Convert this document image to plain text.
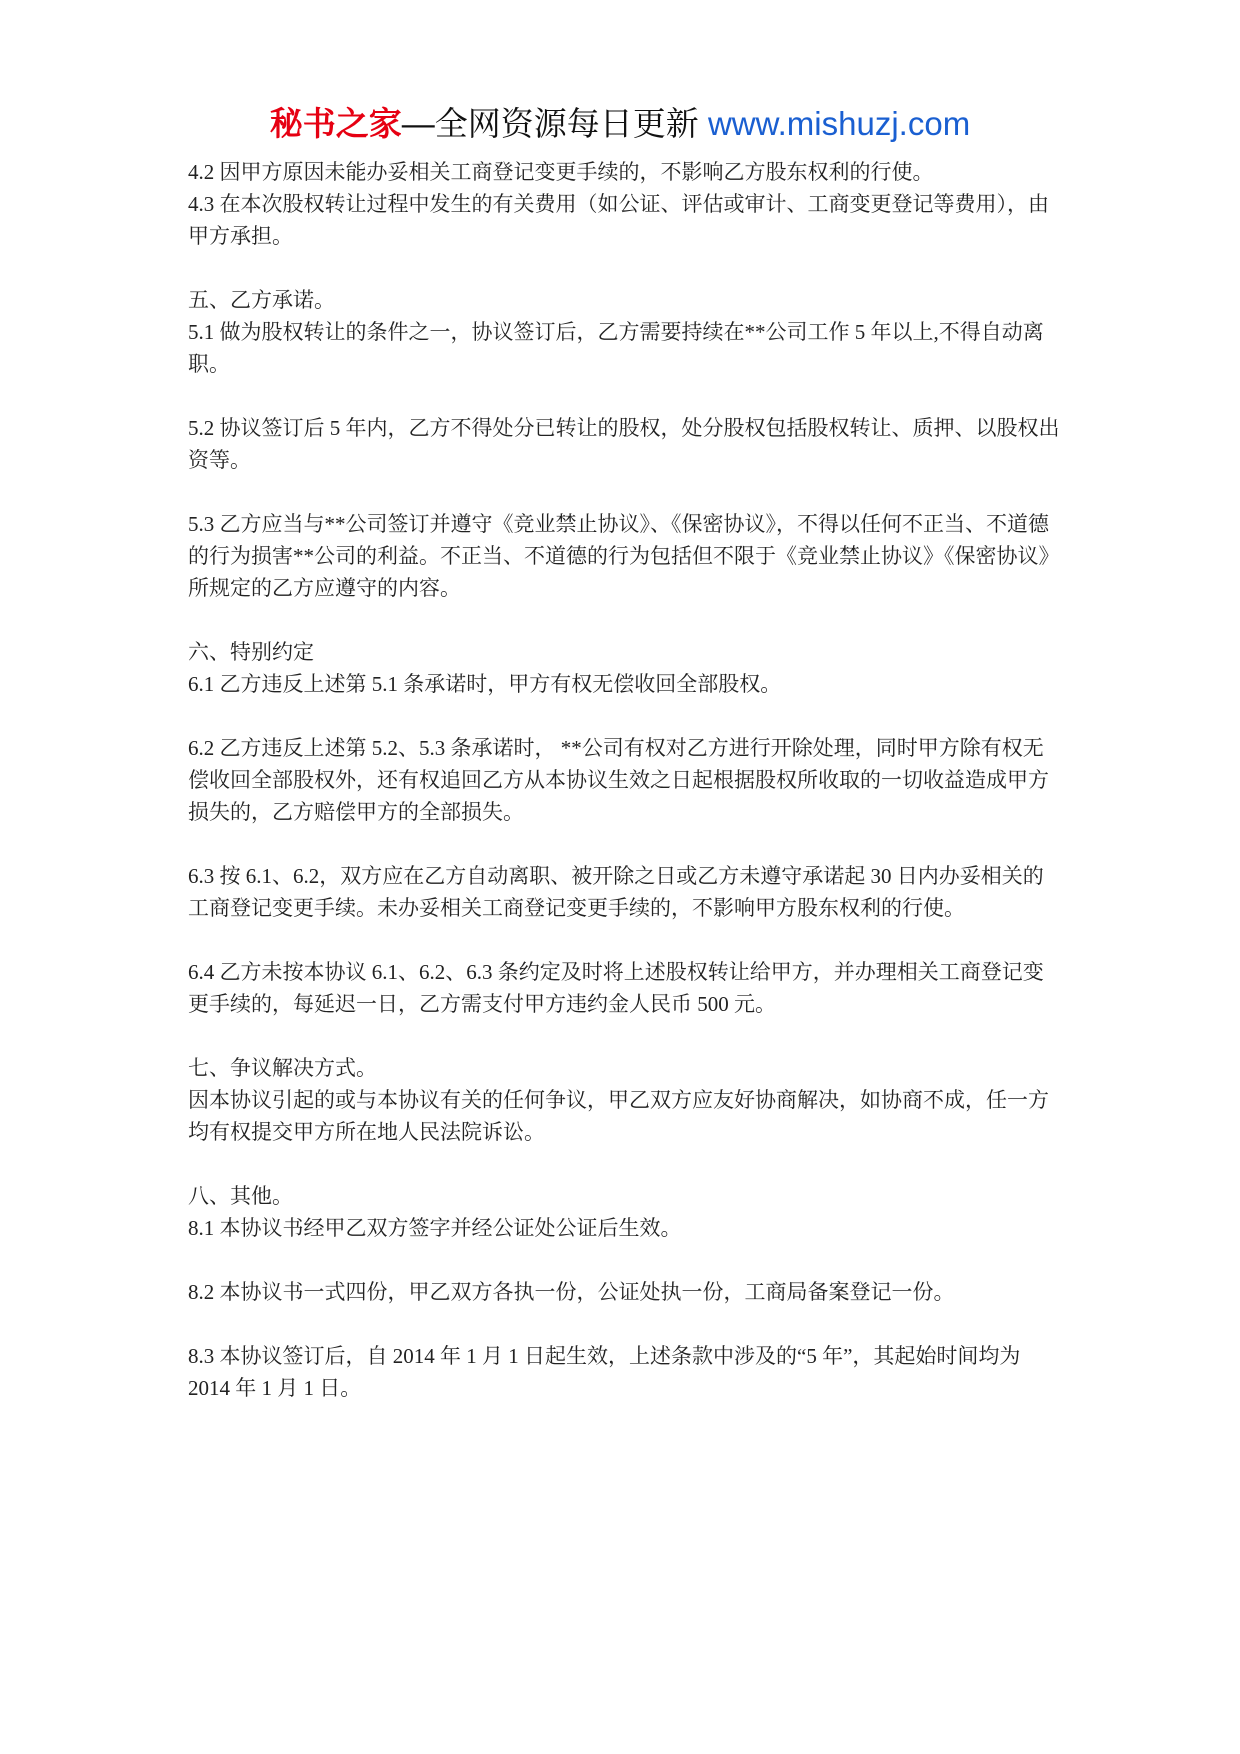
秘书之家—全网资源每日更新 www.mishuzj.com

4.2 因甲方原因未能办妥相关工商登记变更手续的，不影响乙方股东权利的行使。

4.3 在本次股权转让过程中发生的有关费用（如公证、评估或审计、工商变更登记等费用），由甲方承担。

五、乙方承诺。

5.1 做为股权转让的条件之一，协议签订后，乙方需要持续在**公司工作 5 年以上,不得自动离职。

5.2 协议签订后 5 年内，乙方不得处分已转让的股权，处分股权包括股权转让、质押、以股权出资等。

5.3 乙方应当与**公司签订并遵守《竞业禁止协议》、《保密协议》，不得以任何不正当、不道德的行为损害**公司的利益。不正当、不道德的行为包括但不限于《竞业禁止协议》《保密协议》所规定的乙方应遵守的内容。

六、特别约定

6.1 乙方违反上述第 5.1 条承诺时，甲方有权无偿收回全部股权。

6.2 乙方违反上述第 5.2、5.3 条承诺时， **公司有权对乙方进行开除处理，同时甲方除有权无偿收回全部股权外，还有权追回乙方从本协议生效之日起根据股权所收取的一切收益造成甲方损失的，乙方赔偿甲方的全部损失。

6.3 按 6.1、6.2，双方应在乙方自动离职、被开除之日或乙方未遵守承诺起 30 日内办妥相关的工商登记变更手续。未办妥相关工商登记变更手续的，不影响甲方股东权利的行使。

6.4 乙方未按本协议 6.1、6.2、6.3 条约定及时将上述股权转让给甲方，并办理相关工商登记变更手续的，每延迟一日，乙方需支付甲方违约金人民币 500 元。

七、争议解决方式。

因本协议引起的或与本协议有关的任何争议，甲乙双方应友好协商解决，如协商不成，任一方均有权提交甲方所在地人民法院诉讼。

八、其他。

8.1 本协议书经甲乙双方签字并经公证处公证后生效。

8.2 本协议书一式四份，甲乙双方各执一份，公证处执一份，工商局备案登记一份。

8.3 本协议签订后，自 2014 年 1 月 1 日起生效，上述条款中涉及的“5 年”，其起始时间均为 2014 年 1 月 1 日。
